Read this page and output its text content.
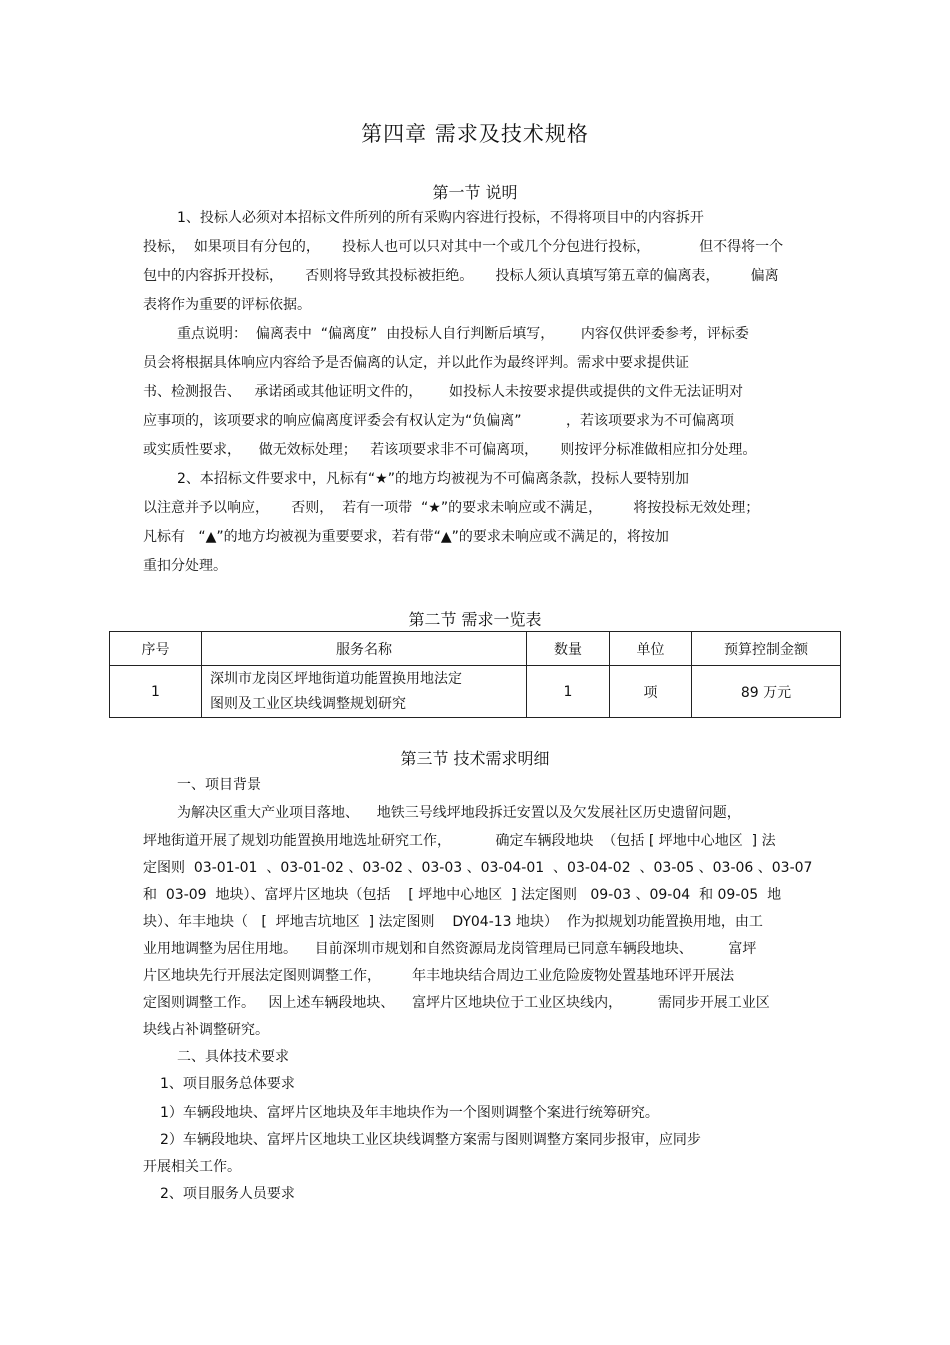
第四章 需求及技术规格
第一节 说明
1、投标人必须对本招标文件所列的所有采购内容进行投标，不得将项目中的内容拆开
投标，  如果项目有分包的，     投标人也可以只对其中一个或几个分包进行投标，           但不得将一个
包中的内容拆开投标，     否则将导致其投标被拒绝。     投标人须认真填写第五章的偏离表，       偏离
表将作为重要的评标依据。
重点说明：  偏离表中  “偏离度”  由投标人自行判断后填写，      内容仅供评委参考，评标委
员会将根据具体响应内容给予是否偏离的认定，并以此作为最终评判。需求中要求提供证
书、检测报告、   承诺函或其他证明文件的，      如投标人未按要求提供或提供的文件无法证明对
应事项的，该项要求的响应偏离度评委会有权认定为“负偏离”          ，若该项要求为不可偏离项
或实质性要求，    做无效标处理；   若该项要求非不可偏离项，     则按评分标准做相应扣分处理。
2、本招标文件要求中，凡标有“★”的地方均被视为不可偏离条款，投标人要特别加
以注意并予以响应，     否则，  若有一项带  “★”的要求未响应或不满足，       将按投标无效处理；
凡标有   “▲”的地方均被视为重要要求，若有带“▲”的要求未响应或不满足的，将按加
重扣分处理。
第二节 需求一览表
序号	服务名称	数量	单位	预算控制金额
1	深圳市龙岗区坪地街道功能置换用地法定
图则及工业区块线调整规划研究	1	项	89 万元
第三节 技术需求明细
一、项目背景
为解决区重大产业项目落地、    地铁三号线坪地段拆迁安置以及欠发展社区历史遗留问题，
坪地街道开展了规划功能置换用地选址研究工作，          确定车辆段地块  （包括 [ 坪地中心地区  ] 法
定图则  03-01-01  、03-01-02 、03-02 、03-03 、03-04-01  、03-04-02  、03-05 、03-06 、03-07
和  03-09  地块）、富坪片区地块（包括    [ 坪地中心地区  ] 法定图则   09-03 、09-04  和 09-05  地
块）、年丰地块（   [  坪地吉坑地区  ] 法定图则    DY04-13 地块）  作为拟规划功能置换用地，由工
业用地调整为居住用地。    目前深圳市规划和自然资源局龙岗管理局已同意车辆段地块、        富坪
片区地块先行开展法定图则调整工作，       年丰地块结合周边工业危险废物处置基地环评开展法
定图则调整工作。   因上述车辆段地块、    富坪片区地块位于工业区块线内，        需同步开展工业区
块线占补调整研究。
二、具体技术要求
1、项目服务总体要求
1）车辆段地块、富坪片区地块及年丰地块作为一个图则调整个案进行统筹研究。
2）车辆段地块、富坪片区地块工业区块线调整方案需与图则调整方案同步报审，应同步
开展相关工作。
2、项目服务人员要求
